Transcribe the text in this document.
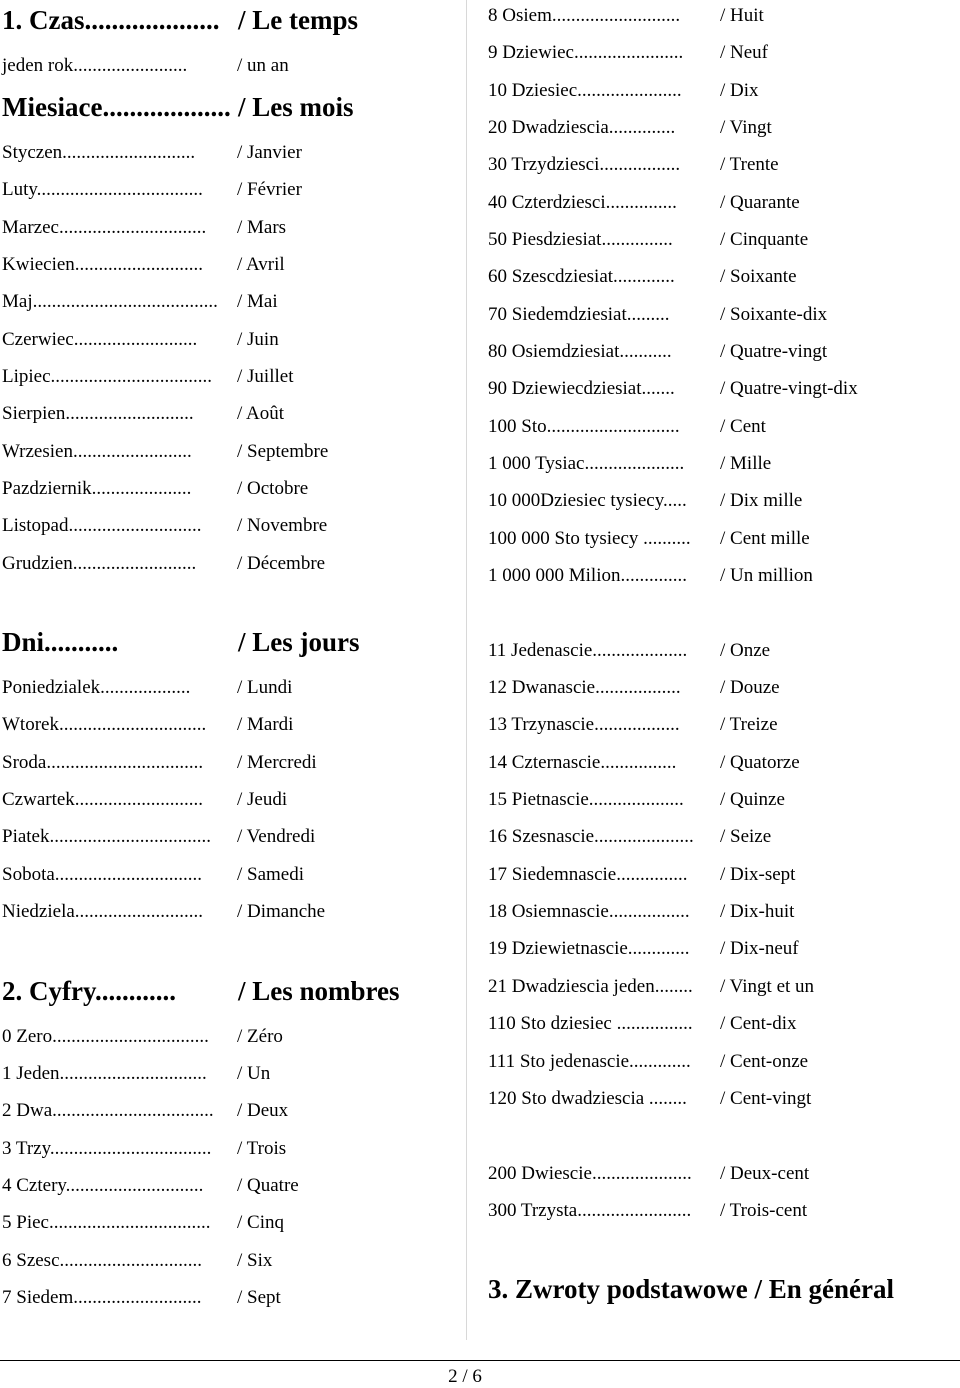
1. Czas.................... / Le temps
jeden rok........................	/ un an
Miesiace................... / Les mois
Styczen............................ / Janvier
Luty................................... / Février
Marzec............................... / Mars
Kwiecien........................... / Avril
Maj....................................... / Mai
Czerwiec.......................... / Juin
Lipiec.................................. / Juillet
Sierpien........................... / Août
Wrzesien......................... / Septembre
Pazdziernik..................... / Octobre
Listopad............................ / Novembre
Grudzien.......................... / Décembre
Dni...........	/ Les jours
Poniedzialek................... / Lundi
Wtorek............................... / Mardi
Sroda................................. / Mercredi
Czwartek........................... / Jeudi
Piatek.................................. / Vendredi
Sobota............................... / Samedi
Niedziela........................... / Dimanche
2. Cyfry............ / Les nombres
0 Zero................................. / Zéro
1 Jeden............................... / Un
2 Dwa.................................. / Deux
3 Trzy.................................. / Trois
4 Cztery............................. / Quatre
5 Piec.................................. / Cinq
6 Szesc.............................. / Six
7 Siedem........................... / Sept
8 Osiem........................... / Huit
9 Dziewiec....................... / Neuf
10 Dziesiec...................... / Dix
20 Dwadziescia.............. / Vingt
30 Trzydziesci................. / Trente
40 Czterdziesci............... / Quarante
50 Piesdziesiat............... / Cinquante
60 Szescdziesiat............. / Soixante
70 Siedemdziesiat.........	/ Soixante-dix
80 Osiemdziesiat...........	/ Quatre-vingt
90 Dziewiecdziesiat....... / Quatre-vingt-dix
100 Sto............................ / Cent
1 000 Tysiac..................... / Mille
10 000Dziesiec tysiecy..... / Dix mille
100 000 Sto tysiecy .......... / Cent mille
1 000 000 Milion.............. / Un million
11 Jedenascie.................... / Onze
12 Dwanascie.................. / Douze
13 Trzynascie.................. / Treize
14 Czternascie................ / Quatorze
15 Pietnascie.................... / Quinze
16 Szesnascie..................... / Seize
17 Siedemnascie............... / Dix-sept
18 Osiemnascie................. / Dix-huit
19 Dziewietnascie............. / Dix-neuf
21 Dwadziescia jeden........ / Vingt et un
110 Sto dziesiec ................ / Cent-dix
111 Sto jedenascie............. / Cent-onze
120 Sto dwadziescia ........ / Cent-vingt
200 Dwiescie..................... / Deux-cent
300 Trzysta........................ / Trois-cent
3. Zwroty podstawowe / En général
2 / 6
